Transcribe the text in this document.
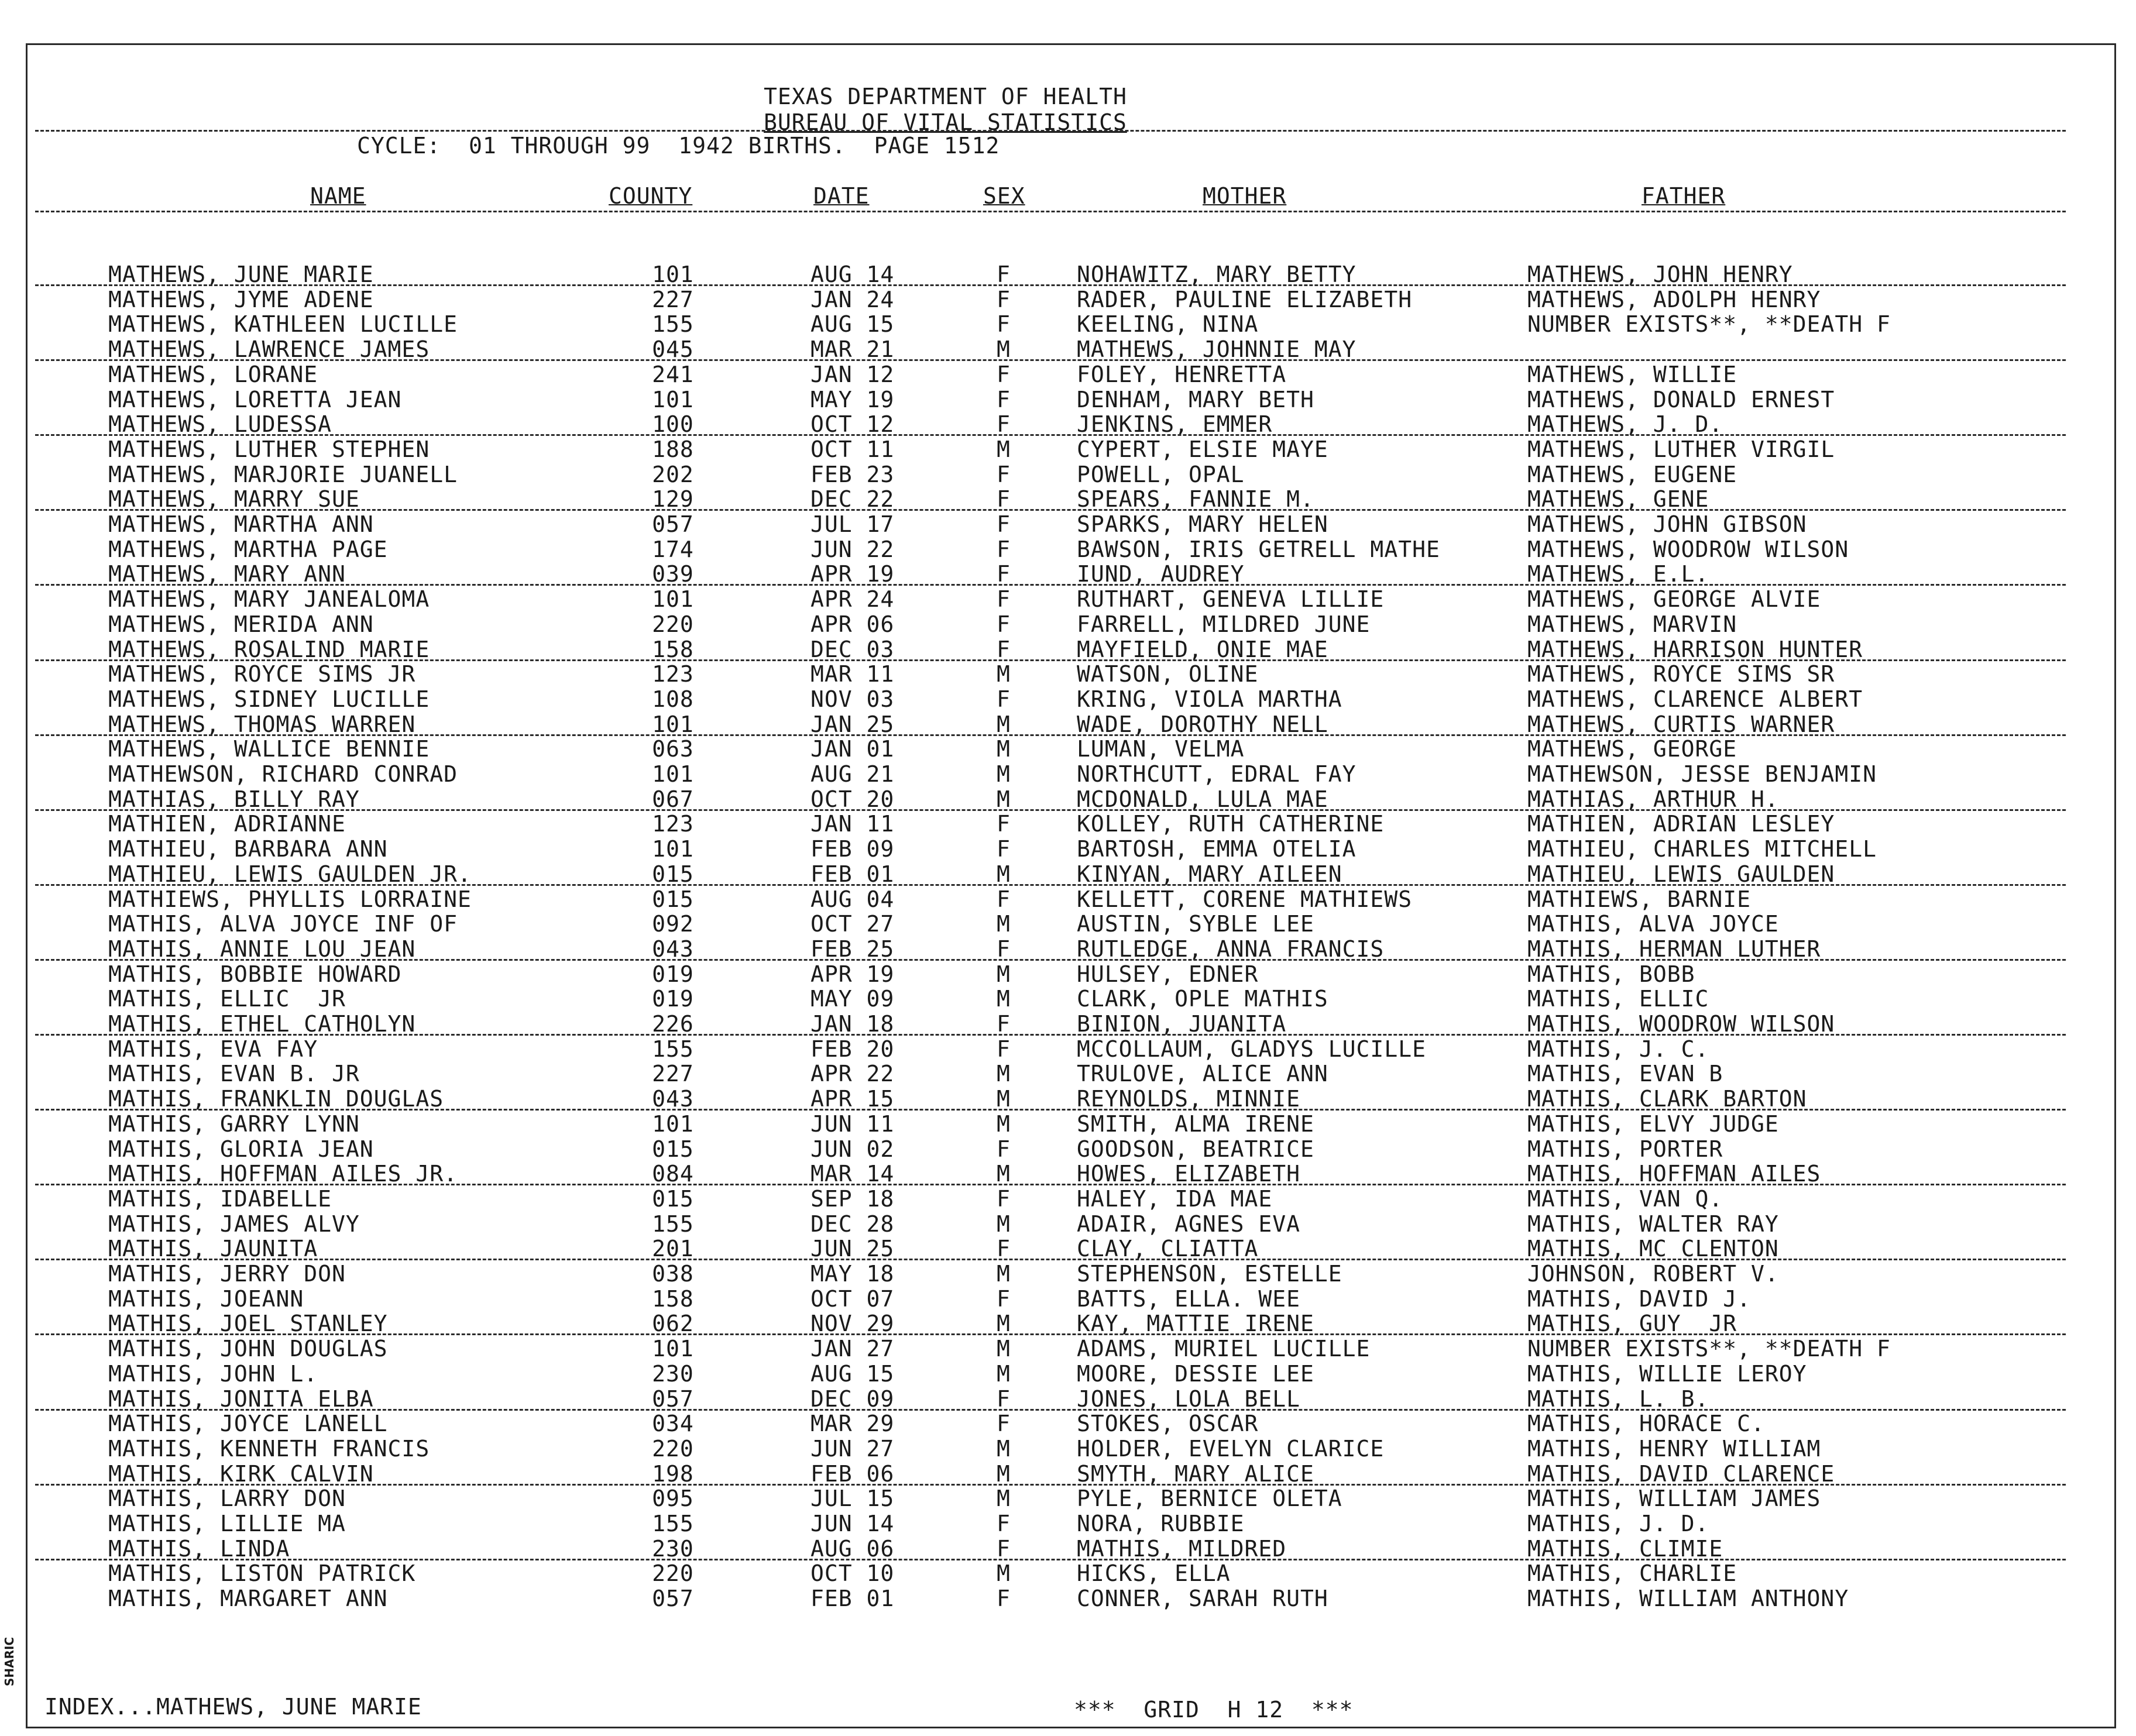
TEXAS DEPARTMENT OF HEALTH
BUREAU OF VITAL STATISTICS
CYCLE:  01 THROUGH 99  1942 BIRTHS.  PAGE 1512
NAME	COUNTY	DATE	SEX	MOTHER	FATHER
MATHEWS, JUNE MARIE	101	AUG 14	F	NOHAWITZ, MARY BETTY	MATHEWS, JOHN HENRY
MATHEWS, JYME ADENE	227	JAN 24	F	RADER, PAULINE ELIZABETH	MATHEWS, ADOLPH HENRY
MATHEWS, KATHLEEN LUCILLE	155	AUG 15	F	KEELING, NINA	NUMBER EXISTS**, **DEATH F
MATHEWS, LAWRENCE JAMES	045	MAR 21	M	MATHEWS, JOHNNIE MAY
MATHEWS, LORANE	241	JAN 12	F	FOLEY, HENRETTA	MATHEWS, WILLIE
MATHEWS, LORETTA JEAN	101	MAY 19	F	DENHAM, MARY BETH	MATHEWS, DONALD ERNEST
MATHEWS, LUDESSA	100	OCT 12	F	JENKINS, EMMER	MATHEWS, J. D.
MATHEWS, LUTHER STEPHEN	188	OCT 11	M	CYPERT, ELSIE MAYE	MATHEWS, LUTHER VIRGIL
MATHEWS, MARJORIE JUANELL	202	FEB 23	F	POWELL, OPAL	MATHEWS, EUGENE
MATHEWS, MARRY SUE	129	DEC 22	F	SPEARS, FANNIE M.	MATHEWS, GENE
MATHEWS, MARTHA ANN	057	JUL 17	F	SPARKS, MARY HELEN	MATHEWS, JOHN GIBSON
MATHEWS, MARTHA PAGE	174	JUN 22	F	BAWSON, IRIS GETRELL MATHE	MATHEWS, WOODROW WILSON
MATHEWS, MARY ANN	039	APR 19	F	IUND, AUDREY	MATHEWS, E.L.
MATHEWS, MARY JANEALOMA	101	APR 24	F	RUTHART, GENEVA LILLIE	MATHEWS, GEORGE ALVIE
MATHEWS, MERIDA ANN	220	APR 06	F	FARRELL, MILDRED JUNE	MATHEWS, MARVIN
MATHEWS, ROSALIND MARIE	158	DEC 03	F	MAYFIELD, ONIE MAE	MATHEWS, HARRISON HUNTER
MATHEWS, ROYCE SIMS JR	123	MAR 11	M	WATSON, OLINE	MATHEWS, ROYCE SIMS SR
MATHEWS, SIDNEY LUCILLE	108	NOV 03	F	KRING, VIOLA MARTHA	MATHEWS, CLARENCE ALBERT
MATHEWS, THOMAS WARREN	101	JAN 25	M	WADE, DOROTHY NELL	MATHEWS, CURTIS WARNER
MATHEWS, WALLICE BENNIE	063	JAN 01	M	LUMAN, VELMA	MATHEWS, GEORGE
MATHEWSON, RICHARD CONRAD	101	AUG 21	M	NORTHCUTT, EDRAL FAY	MATHEWSON, JESSE BENJAMIN
MATHIAS, BILLY RAY	067	OCT 20	M	MCDONALD, LULA MAE	MATHIAS, ARTHUR H.
MATHIEN, ADRIANNE	123	JAN 11	F	KOLLEY, RUTH CATHERINE	MATHIEN, ADRIAN LESLEY
MATHIEU, BARBARA ANN	101	FEB 09	F	BARTOSH, EMMA OTELIA	MATHIEU, CHARLES MITCHELL
MATHIEU, LEWIS GAULDEN JR.	015	FEB 01	M	KINYAN, MARY AILEEN	MATHIEU, LEWIS GAULDEN
MATHIEWS, PHYLLIS LORRAINE	015	AUG 04	F	KELLETT, CORENE MATHIEWS	MATHIEWS, BARNIE
MATHIS, ALVA JOYCE INF OF	092	OCT 27	M	AUSTIN, SYBLE LEE	MATHIS, ALVA JOYCE
MATHIS, ANNIE LOU JEAN	043	FEB 25	F	RUTLEDGE, ANNA FRANCIS	MATHIS, HERMAN LUTHER
MATHIS, BOBBIE HOWARD	019	APR 19	M	HULSEY, EDNER	MATHIS, BOBB
MATHIS, ELLIC  JR	019	MAY 09	M	CLARK, OPLE MATHIS	MATHIS, ELLIC
MATHIS, ETHEL CATHOLYN	226	JAN 18	F	BINION, JUANITA	MATHIS, WOODROW WILSON
MATHIS, EVA FAY	155	FEB 20	F	MCCOLLAUM, GLADYS LUCILLE	MATHIS, J. C.
MATHIS, EVAN B. JR	227	APR 22	M	TRULOVE, ALICE ANN	MATHIS, EVAN B
MATHIS, FRANKLIN DOUGLAS	043	APR 15	M	REYNOLDS, MINNIE	MATHIS, CLARK BARTON
MATHIS, GARRY LYNN	101	JUN 11	M	SMITH, ALMA IRENE	MATHIS, ELVY JUDGE
MATHIS, GLORIA JEAN	015	JUN 02	F	GOODSON, BEATRICE	MATHIS, PORTER
MATHIS, HOFFMAN AILES JR.	084	MAR 14	M	HOWES, ELIZABETH	MATHIS, HOFFMAN AILES
MATHIS, IDABELLE	015	SEP 18	F	HALEY, IDA MAE	MATHIS, VAN Q.
MATHIS, JAMES ALVY	155	DEC 28	M	ADAIR, AGNES EVA	MATHIS, WALTER RAY
MATHIS, JAUNITA	201	JUN 25	F	CLAY, CLIATTA	MATHIS, MC CLENTON
MATHIS, JERRY DON	038	MAY 18	M	STEPHENSON, ESTELLE	JOHNSON, ROBERT V.
MATHIS, JOEANN	158	OCT 07	F	BATTS, ELLA. WEE	MATHIS, DAVID J.
MATHIS, JOEL STANLEY	062	NOV 29	M	KAY, MATTIE IRENE	MATHIS, GUY  JR
MATHIS, JOHN DOUGLAS	101	JAN 27	M	ADAMS, MURIEL LUCILLE	NUMBER EXISTS**, **DEATH F
MATHIS, JOHN L.	230	AUG 15	M	MOORE, DESSIE LEE	MATHIS, WILLIE LEROY
MATHIS, JONITA ELBA	057	DEC 09	F	JONES, LOLA BELL	MATHIS, L. B.
MATHIS, JOYCE LANELL	034	MAR 29	F	STOKES, OSCAR	MATHIS, HORACE C.
MATHIS, KENNETH FRANCIS	220	JUN 27	M	HOLDER, EVELYN CLARICE	MATHIS, HENRY WILLIAM
MATHIS, KIRK CALVIN	198	FEB 06	M	SMYTH, MARY ALICE	MATHIS, DAVID CLARENCE
MATHIS, LARRY DON	095	JUL 15	M	PYLE, BERNICE OLETA	MATHIS, WILLIAM JAMES
MATHIS, LILLIE MA	155	JUN 14	F	NORA, RUBBIE	MATHIS, J. D.
MATHIS, LINDA	230	AUG 06	F	MATHIS, MILDRED	MATHIS, CLIMIE
MATHIS, LISTON PATRICK	220	OCT 10	M	HICKS, ELLA	MATHIS, CHARLIE
MATHIS, MARGARET ANN	057	FEB 01	F	CONNER, SARAH RUTH	MATHIS, WILLIAM ANTHONY
INDEX...MATHEWS, JUNE MARIE	***  GRID  H 12  ***
SHARIC
